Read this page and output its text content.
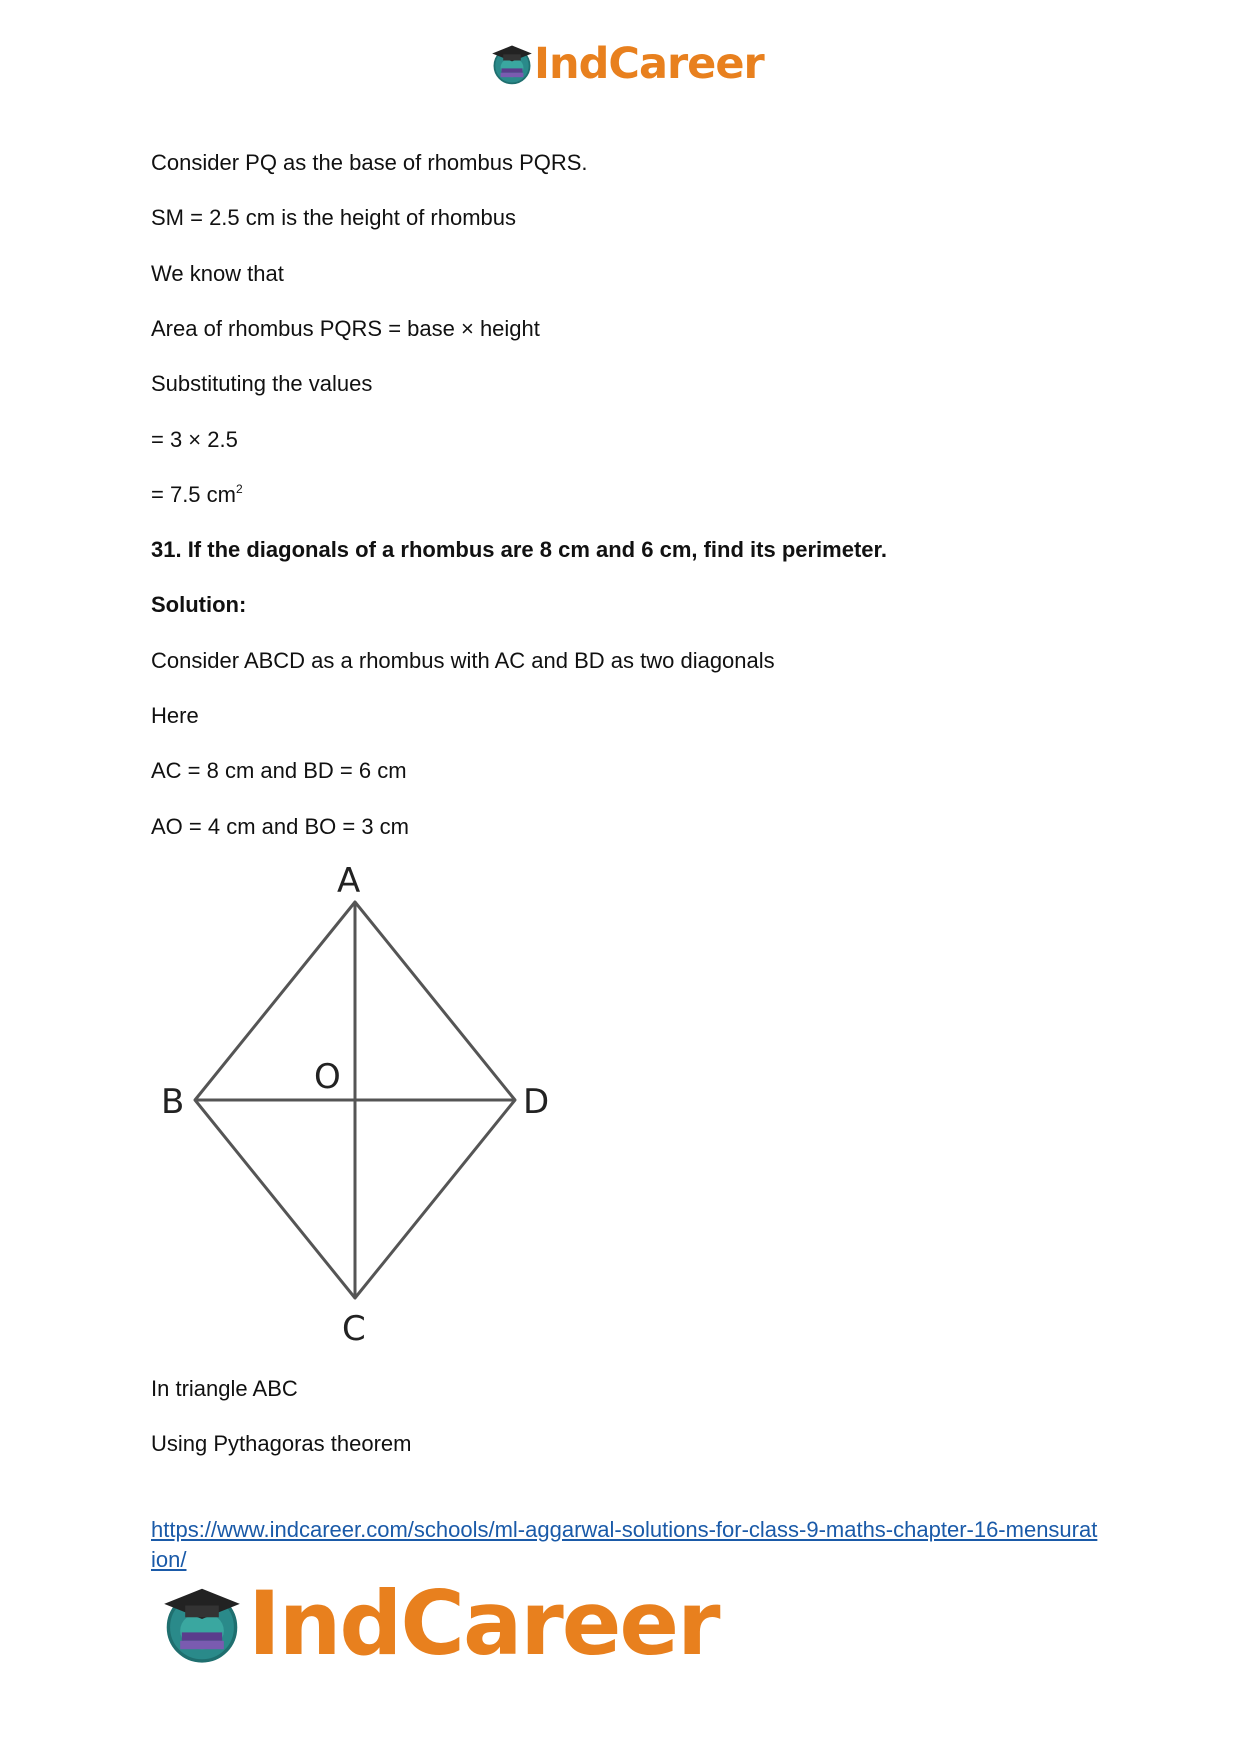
IndCareer

Consider PQ as the base of rhombus PQRS.

SM = 2.5 cm is the height of rhombus

We know that

Area of rhombus PQRS = base × height

Substituting the values

= 3 × 2.5

= 7.5 $cm^2$

31. If the diagonals of a rhombus are 8 cm and 6 cm, find its perimeter.

Solution:

Consider ABCD as a rhombus with AC and BD as two diagonals

Here

AC = 8 cm and BD = 6 cm

AO = 4 cm and BO = 3 cm

In triangle ABC

Using Pythagoras theorem

A
B
O
D
C
https://www.indcareer.com/schools/ml-aggarwal-solutions-for-class-9-maths-chapter-16-mensuration/
IndCareer
